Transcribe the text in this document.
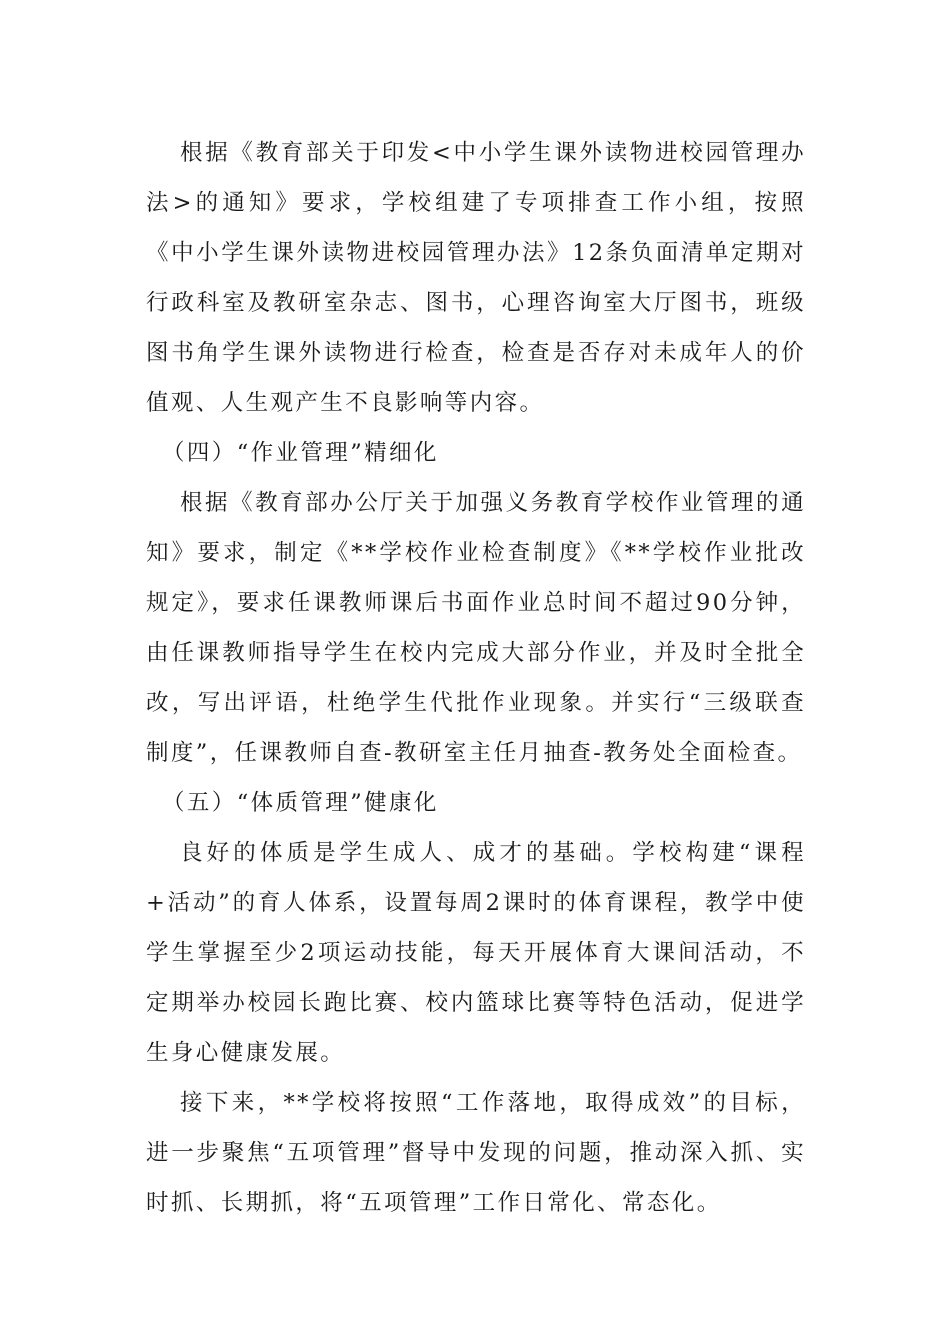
根据《教育部关于印发<中小学生课外读物进校园管理办法>的通知》要求，学校组建了专项排查工作小组，按照《中小学生课外读物进校园管理办法》12条负面清单定期对行政科室及教研室杂志、图书，心理咨询室大厅图书，班级图书角学生课外读物进行检查，检查是否存对未成年人的价值观、人生观产生不良影响等内容。

（四）“作业管理”精细化

根据《教育部办公厅关于加强义务教育学校作业管理的通知》要求，制定《**学校作业检查制度》《**学校作业批改规定》，要求任课教师课后书面作业总时间不超过90分钟，由任课教师指导学生在校内完成大部分作业，并及时全批全改，写出评语，杜绝学生代批作业现象。并实行“三级联查制度”，任课教师自查-教研室主任月抽查-教务处全面检查。

（五）“体质管理”健康化

良好的体质是学生成人、成才的基础。学校构建“课程+活动”的育人体系，设置每周2课时的体育课程，教学中使学生掌握至少2项运动技能，每天开展体育大课间活动，不定期举办校园长跑比赛、校内篮球比赛等特色活动，促进学生身心健康发展。

接下来，**学校将按照“工作落地，取得成效”的目标，进一步聚焦“五项管理”督导中发现的问题，推动深入抓、实时抓、长期抓，将“五项管理”工作日常化、常态化。
